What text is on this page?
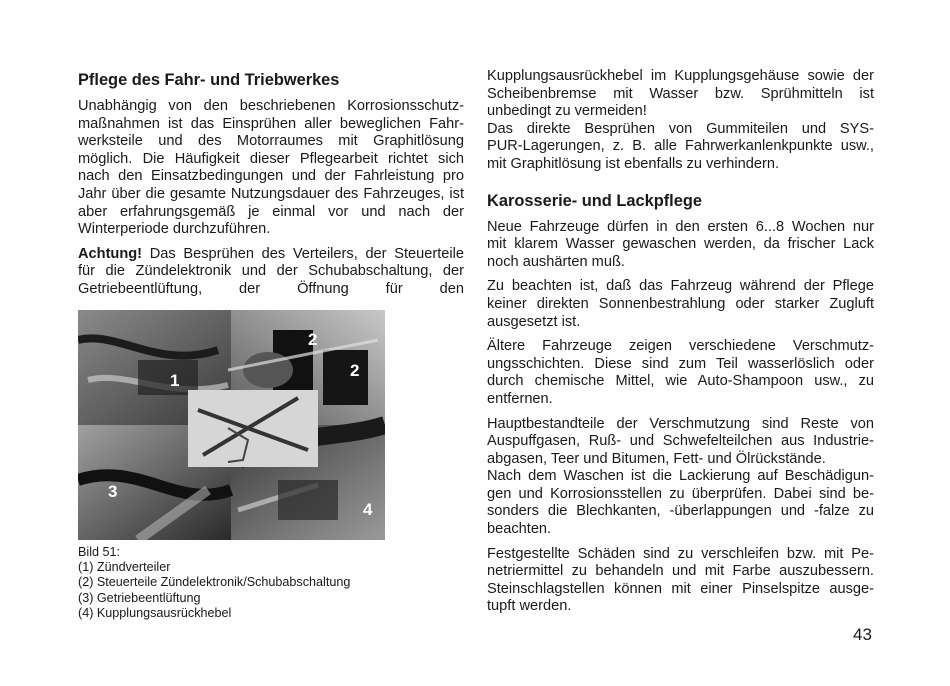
Pflege des Fahr- und Triebwerkes
Unabhängig von den beschriebenen Korrosionsschutz-
maßnahmen ist das Einsprühen aller beweglichen Fahr-
werksteile und des Motorraumes mit Graphitlösung
möglich. Die Häufigkeit dieser Pflegearbeit richtet sich
nach den Einsatzbedingungen und der Fahrleistung pro
Jahr über die gesamte Nutzungsdauer des Fahrzeuges, ist
aber erfahrungsgemäß je einmal vor und nach der
Winterperiode durchzuführen.
Achtung! Das Besprühen des Verteilers, der Steuerteile
für die Zündelektronik und der Schubabschaltung, der
Getriebeentlüftung, der Öffnung für den
1
2
2
3
4
Bild 51:
(1) Zündverteiler
(2) Steuerteile Zündelektronik/Schubabschaltung
(3) Getriebeentlüftung
(4) Kupplungsausrückhebel
Kupplungsausrückhebel im Kupplungsgehäuse sowie der
Scheibenbremse mit Wasser bzw. Sprühmitteln ist
unbedingt zu vermeiden!
Das direkte Besprühen von Gummiteilen und SYS-
PUR-Lagerungen, z. B. alle Fahrwerkanlenkpunkte usw.,
mit Graphitlösung ist ebenfalls zu verhindern.
Karosserie- und Lackpflege
Neue Fahrzeuge dürfen in den ersten 6...8 Wochen nur
mit klarem Wasser gewaschen werden, da frischer Lack
noch aushärten muß.
Zu beachten ist, daß das Fahrzeug während der Pflege
keiner direkten Sonnenbestrahlung oder starker Zugluft
ausgesetzt ist.
Ältere Fahrzeuge zeigen verschiedene Verschmutz-
ungsschichten. Diese sind zum Teil wasserlöslich oder
durch chemische Mittel, wie Auto-Shampoon usw., zu
entfernen.
Hauptbestandteile der Verschmutzung sind Reste von
Auspuffgasen, Ruß- und Schwefelteilchen aus Industrie-
abgasen, Teer und Bitumen, Fett- und Ölrückstände.
Nach dem Waschen ist die Lackierung auf Beschädigun-
gen und Korrosionsstellen zu überprüfen. Dabei sind be-
sonders die Blechkanten, -überlappungen und -falze zu
beachten.
Festgestellte Schäden sind zu verschleifen bzw. mit Pe-
netriermittel zu behandeln und mit Farbe auszubessern.
Steinschlagstellen können mit einer Pinselspitze ausge-
tupft werden.
43
